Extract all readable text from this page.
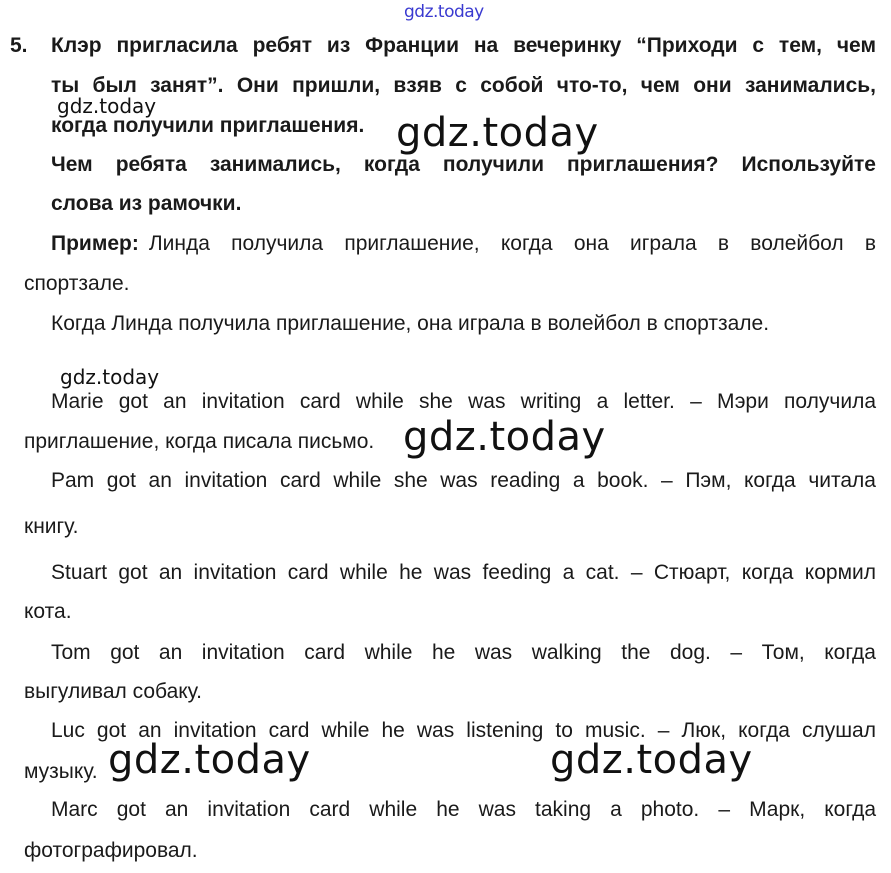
gdz.today
gdz.today
gdz.today
gdz.today
gdz.today
gdz.today	gdz.today
5. Клэр пригласила ребят из Франции на вечеринку “Приходи с тем, чем
ты был занят”. Они пришли, взяв с собой что-то, чем они занимались,
когда получили приглашения.
Чем ребята занимались, когда получили приглашения? Используйте
слова из рамочки.
Пример: Линда получила приглашение, когда она играла в волейбол в
спортзале.
Когда Линда получила приглашение, она играла в волейбол в спортзале.
Marie got an invitation card while she was writing a letter. – Мэри получила
приглашение, когда писала письмо.
Pam got an invitation card while she was reading a book. – Пэм, когда читала
книгу.
Stuart got an invitation card while he was feeding a cat. – Стюарт, когда кормил
кота.
Tom got an invitation card while he was walking the dog. – Том, когда
выгуливал собаку.
Luc got an invitation card while he was listening to music. – Люк, когда слушал
музыку.
Marc got an invitation card while he was taking a photo. – Марк, когда
фотографировал.
